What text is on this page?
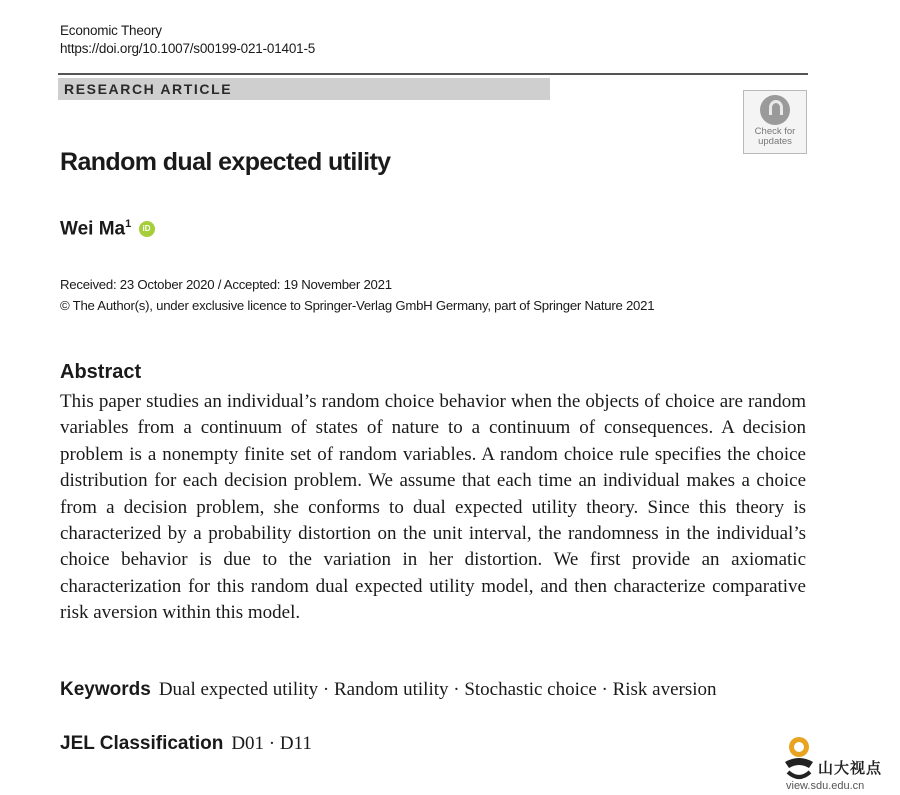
Economic Theory
https://doi.org/10.1007/s00199-021-01401-5
RESEARCH ARTICLE
Check for
updates
Random dual expected utility
Wei Ma$^1$ iD
Received: 23 October 2020 / Accepted: 19 November 2021
© The Author(s), under exclusive licence to Springer-Verlag GmbH Germany, part of Springer Nature 2021
Abstract
This paper studies an individual’s random choice behavior when the objects of choice are random variables from a continuum of states of nature to a continuum of consequences. A decision problem is a nonempty finite set of random variables. A random choice rule specifies the choice distribution for each decision problem. We assume that each time an individual makes a choice from a decision problem, she conforms to dual expected utility theory. Since this theory is characterized by a probability distortion on the unit interval, the randomness in the individual’s choice behavior is due to the variation in her distortion. We first provide an axiomatic characterization for this random dual expected utility model, and then characterize comparative risk aversion within this model.
Keywords Dual expected utility · Random utility · Stochastic choice · Risk aversion
JEL Classification D01 · D11
山大视点
view.sdu.edu.cn
